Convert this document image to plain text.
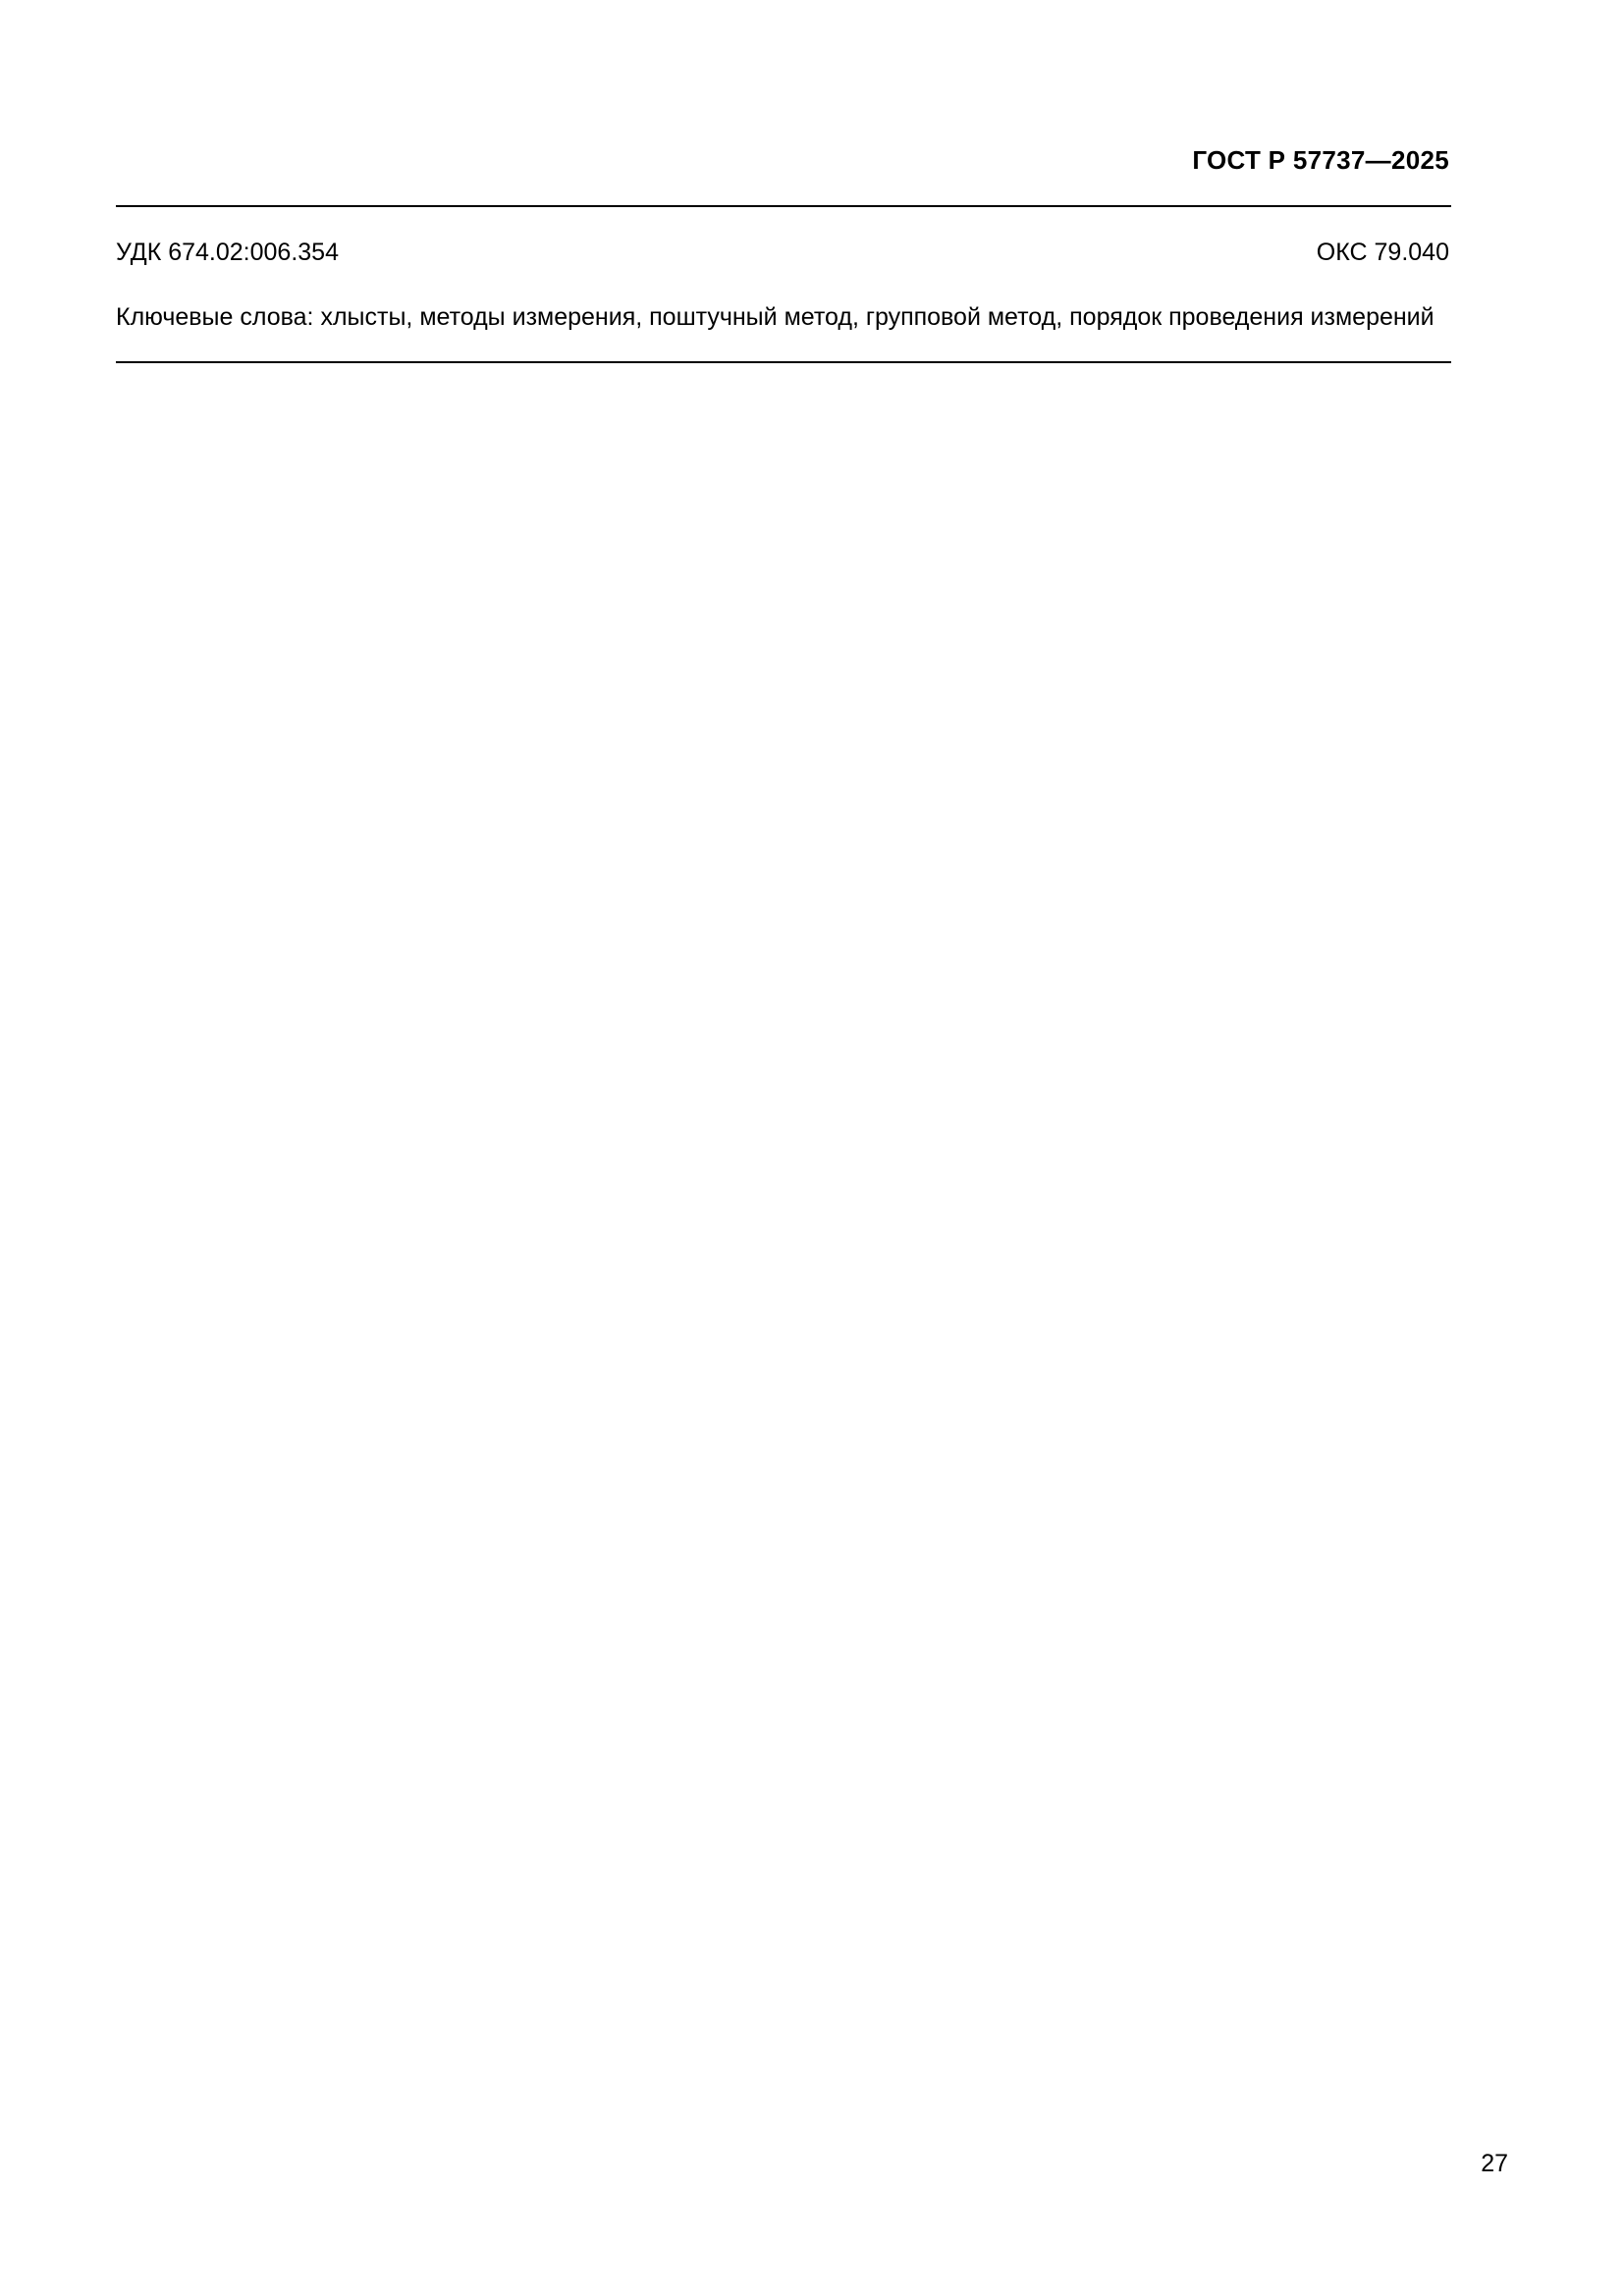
ГОСТ Р 57737—2025
УДК 674.02:006.354	ОКС 79.040
Ключевые слова: хлысты, методы измерения, поштучный метод, групповой метод, порядок проведения измерений
27
